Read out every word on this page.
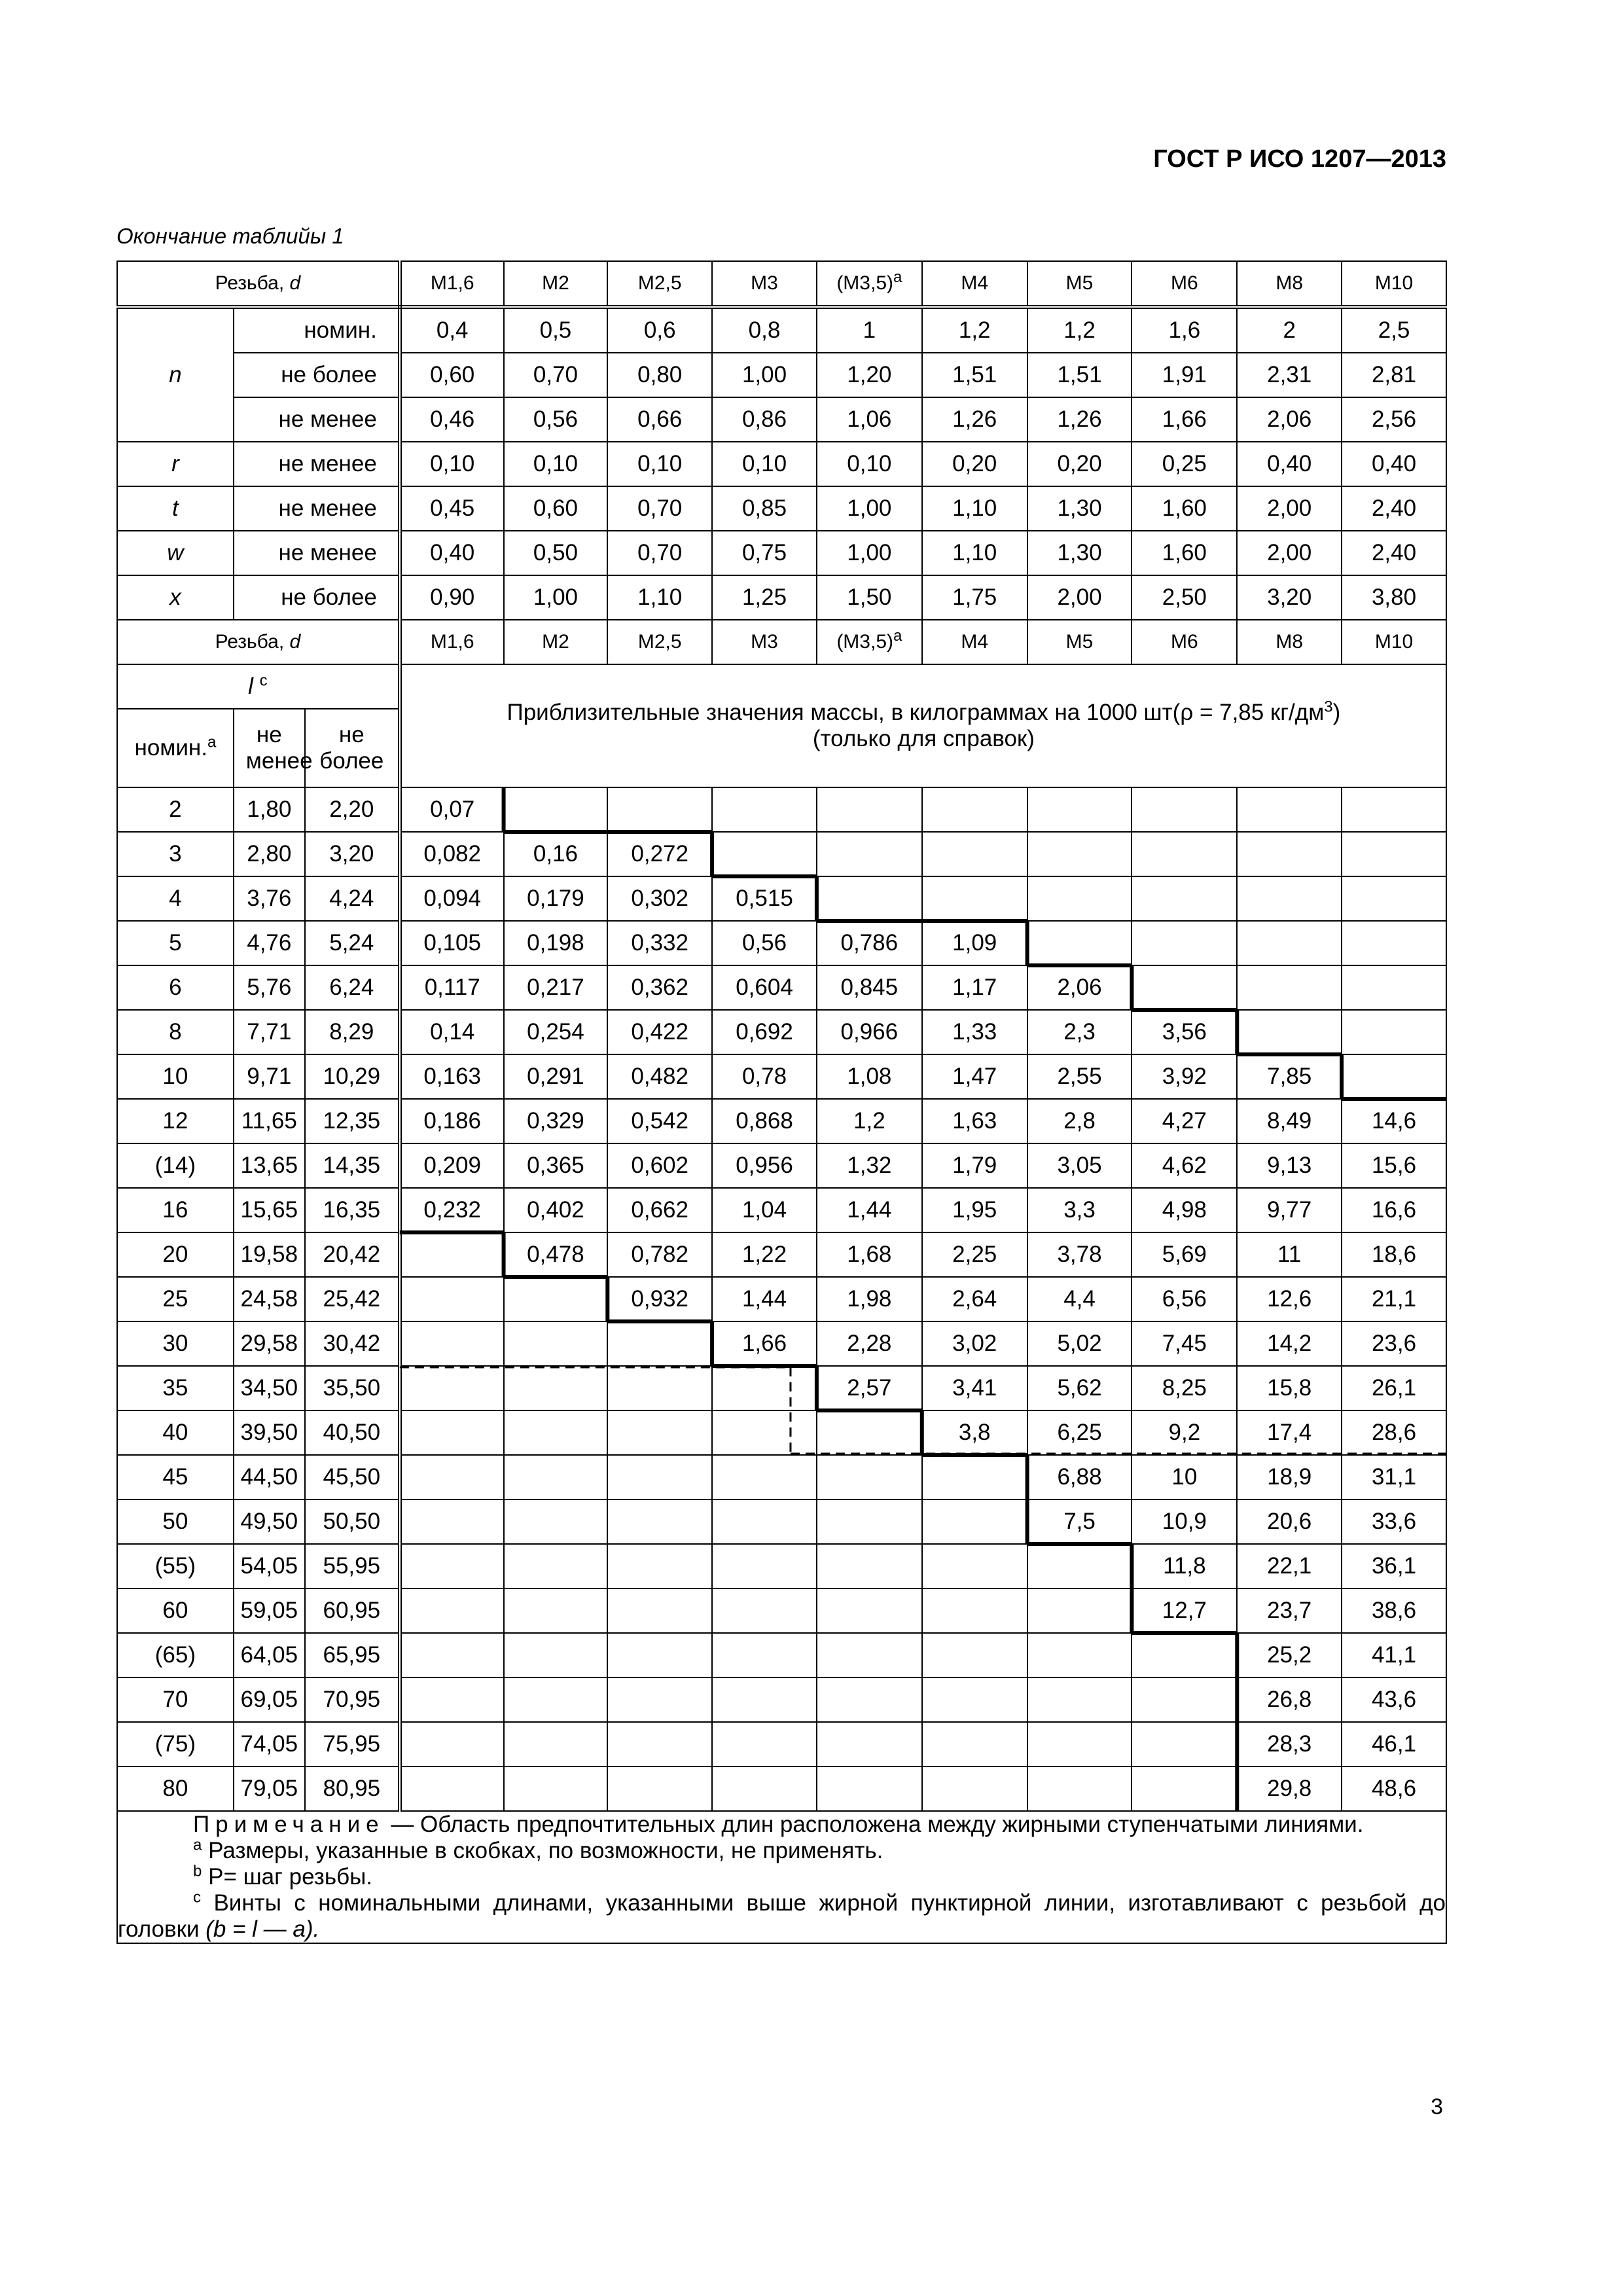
ГОСТ Р ИСО 1207—2013
Окончание таблийы 1
Резьба, d			M1,6	M2	M2,5	M3	$(M3,5)^a$	M4	M5	M6	M8	M10
n	номин.		0,4	0,5	0,6	0,8	1	1,2	1,2	1,6	2	2,5
	не более		0,60	0,70	0,80	1,00	1,20	1,51	1,51	1,91	2,31	2,81
	не менее		0,46	0,56	0,66	0,86	1,06	1,26	1,26	1,66	2,06	2,56
r	не менее		0,10	0,10	0,10	0,10	0,10	0,20	0,20	0,25	0,40	0,40
t	не менее		0,45	0,60	0,70	0,85	1,00	1,10	1,30	1,60	2,00	2,40
w	не менее		0,40	0,50	0,70	0,75	1,00	1,10	1,30	1,60	2,00	2,40
x	не более		0,90	1,00	1,10	1,25	1,50	1,75	2,00	2,50	3,20	3,80
Резьба, d			M1,6	M2	M2,5	M3	$(M3,5)^a$	M4	M5	M6	M8	M10
l $^c$			Приблизительные значения массы, в килограммах на 1000 шт(ρ = 7,85 $кг/дм^3$)
(только для справок)									

номин.$^a$	не менее	не более										
2	1,80	2,20	0,07									
3	2,80	3,20	0,082	0,16	0,272							
4	3,76	4,24	0,094	0,179	0,302	0,515						
5	4,76	5,24	0,105	0,198	0,332	0,56	0,786	1,09				
6	5,76	6,24	0,117	0,217	0,362	0,604	0,845	1,17	2,06			
8	7,71	8,29	0,14	0,254	0,422	0,692	0,966	1,33	2,3	3,56		
10	9,71	10,29	0,163	0,291	0,482	0,78	1,08	1,47	2,55	3,92	7,85	
12	11,65	12,35	0,186	0,329	0,542	0,868	1,2	1,63	2,8	4,27	8,49	14,6
(14)	13,65	14,35	0,209	0,365	0,602	0,956	1,32	1,79	3,05	4,62	9,13	15,6
16	15,65	16,35	0,232	0,402	0,662	1,04	1,44	1,95	3,3	4,98	9,77	16,6
20	19,58	20,42		0,478	0,782	1,22	1,68	2,25	3,78	5,69	11	18,6
25	24,58	25,42			0,932	1,44	1,98	2,64	4,4	6,56	12,6	21,1
30	29,58	30,42				1,66	2,28	3,02	5,02	7,45	14,2	23,6
35	34,50	35,50					2,57	3,41	5,62	8,25	15,8	26,1
40	39,50	40,50						3,8	6,25	9,2	17,4	28,6
45	44,50	45,50							6,88	10	18,9	31,1
50	49,50	50,50							7,5	10,9	20,6	33,6
(55)	54,05	55,95								11,8	22,1	36,1
60	59,05	60,95								12,7	23,7	38,6
(65)	64,05	65,95									25,2	41,1
70	69,05	70,95									26,8	43,6
(75)	74,05	75,95									28,3	46,1
80	79,05	80,95									29,8	48,6

Примечание — Область предпочтительных длин расположена между жирными ступенчатыми линиями.

$^a$ Размеры, указанные в скобках, по возможности, не применять.

$^b$ P= шаг резьбы.

$^c$ Винты с номинальными длинами, указанными выше жирной пунктирной линии, изготавливают с резьбой до головки (b = l — a).												

3
